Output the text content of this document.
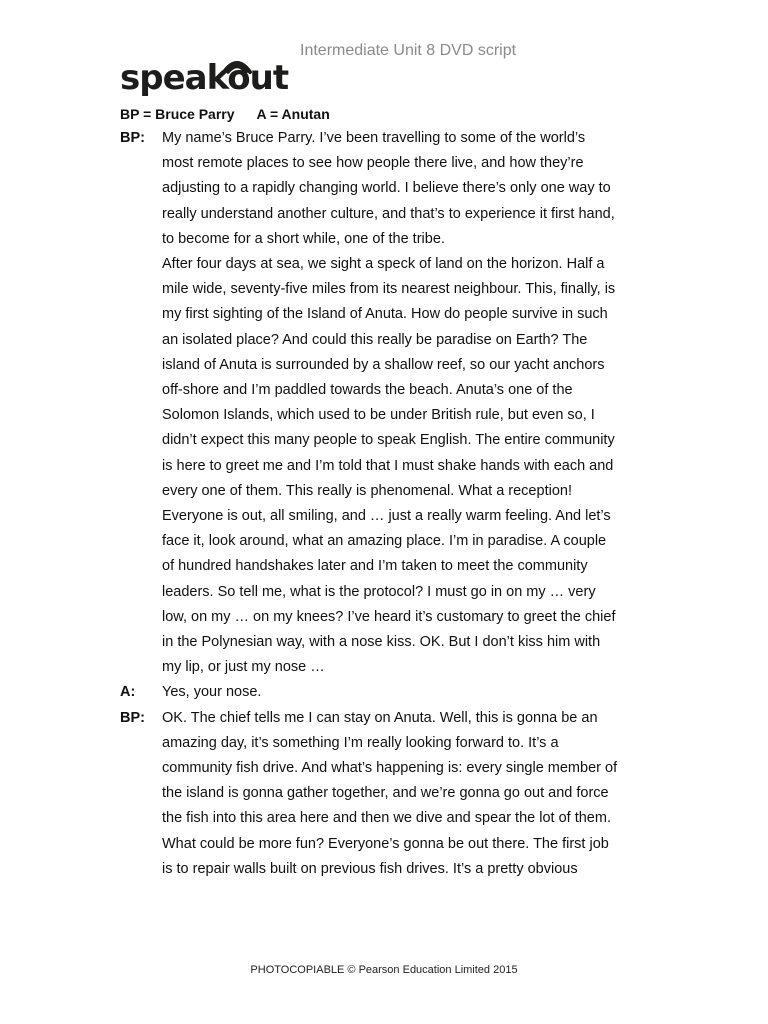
speakout
Intermediate Unit 8 DVD script
BP = Bruce Parry A = Anutan
BP:	My name’s Bruce Parry. I’ve been travelling to some of the world’s
most remote places to see how people there live, and how they’re
adjusting to a rapidly changing world. I believe there’s only one way to
really understand another culture, and that’s to experience it first hand,
to become for a short while, one of the tribe.
After four days at sea, we sight a speck of land on the horizon. Half a
mile wide, seventy-five miles from its nearest neighbour. This, finally, is
my first sighting of the Island of Anuta. How do people survive in such
an isolated place? And could this really be paradise on Earth? The
island of Anuta is surrounded by a shallow reef, so our yacht anchors
off-shore and I’m paddled towards the beach. Anuta’s one of the
Solomon Islands, which used to be under British rule, but even so, I
didn’t expect this many people to speak English. The entire community
is here to greet me and I’m told that I must shake hands with each and
every one of them. This really is phenomenal. What a reception!
Everyone is out, all smiling, and … just a really warm feeling. And let’s
face it, look around, what an amazing place. I’m in paradise. A couple
of hundred handshakes later and I’m taken to meet the community
leaders. So tell me, what is the protocol? I must go in on my … very
low, on my … on my knees? I’ve heard it’s customary to greet the chief
in the Polynesian way, with a nose kiss. OK. But I don’t kiss him with
my lip, or just my nose …
A:	Yes, your nose.
BP:	OK. The chief tells me I can stay on Anuta. Well, this is gonna be an
amazing day, it’s something I’m really looking forward to. It’s a
community fish drive. And what’s happening is: every single member of
the island is gonna gather together, and we’re gonna go out and force
the fish into this area here and then we dive and spear the lot of them.
What could be more fun? Everyone’s gonna be out there. The first job
is to repair walls built on previous fish drives. It’s a pretty obvious
PHOTOCOPIABLE © Pearson Education Limited 2015
